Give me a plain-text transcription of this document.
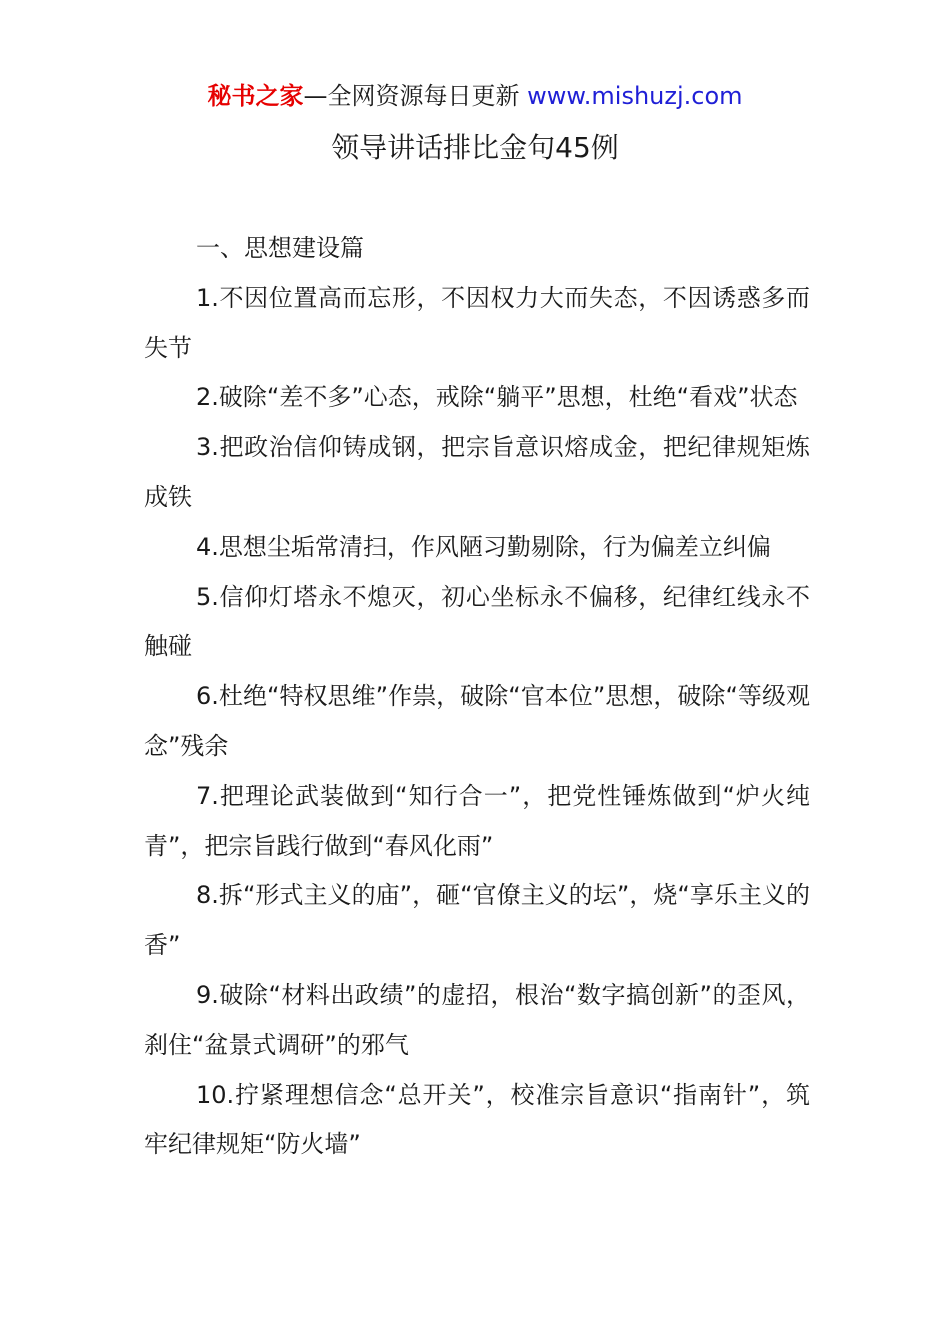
秘书之家—全网资源每日更新 www.mishuzj.com
领导讲话排比金句45例

一、思想建设篇

1.不因位置高而忘形，不因权力大而失态，不因诱惑多而失节

2.破除“差不多”心态，戒除“躺平”思想，杜绝“看戏”状态

3.把政治信仰铸成钢，把宗旨意识熔成金，把纪律规矩炼成铁

4.思想尘垢常清扫，作风陋习勤剔除，行为偏差立纠偏

5.信仰灯塔永不熄灭，初心坐标永不偏移，纪律红线永不触碰

6.杜绝“特权思维”作祟，破除“官本位”思想，破除“等级观念”残余

7.把理论武装做到“知行合一”，把党性锤炼做到“炉火纯青”，把宗旨践行做到“春风化雨”

8.拆“形式主义的庙”，砸“官僚主义的坛”，烧“享乐主义的香”

9.破除“材料出政绩”的虚招，根治“数字搞创新”的歪风，刹住“盆景式调研”的邪气

10.拧紧理想信念“总开关”，校准宗旨意识“指南针”，筑牢纪律规矩“防火墙”
